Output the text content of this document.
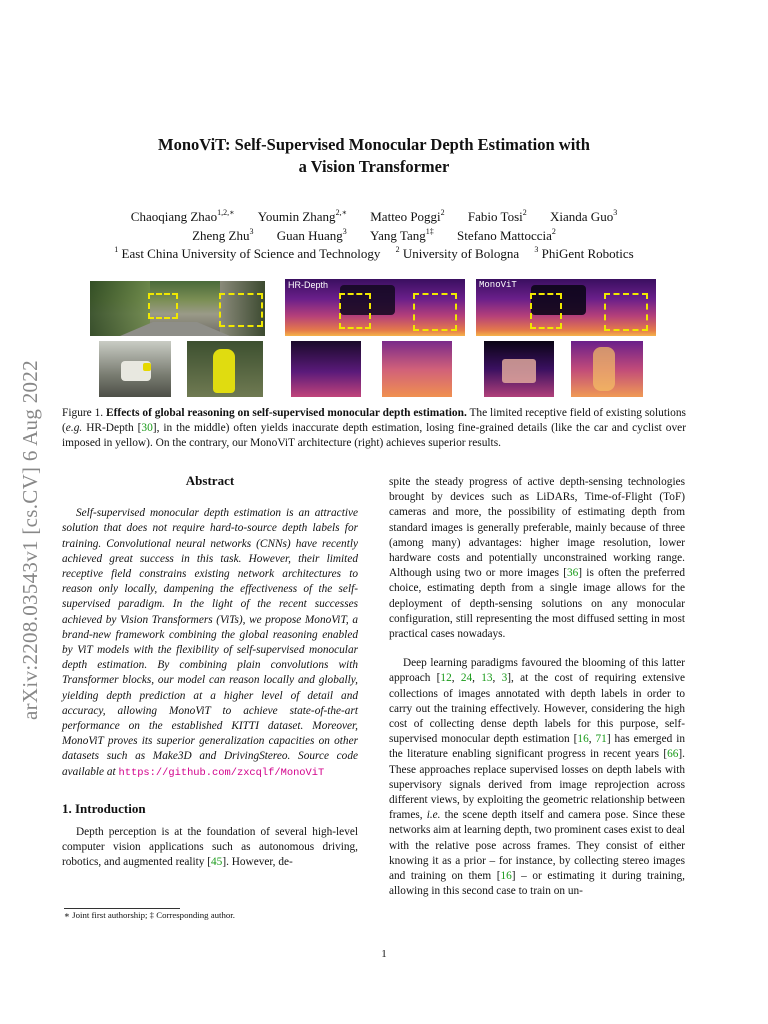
arXiv:2208.03543v1 [cs.CV] 6 Aug 2022
MonoViT: Self-Supervised Monocular Depth Estimation with
a Vision Transformer
Chaoqiang Zhao$^{1,2,∗}$ Youmin Zhang$^{2,∗}$ Matteo Poggi$^2$ Fabio Tosi$^2$ Xianda Guo$^3$
Zheng Zhu$^3$ Guan Huang$^3$ Yang Tang$^{1\ddagger}$ Stefano Mattoccia$^2$
$^1$ East China University of Science and Technology $^2$ University of Bologna $^3$ PhiGent Robotics
HR-Depth	MonoViT
Figure 1. Effects of global reasoning on self-supervised monocular depth estimation. The limited receptive field of existing solutions (e.g. HR-Depth [30], in the middle) often yields inaccurate depth estimation, losing fine-grained details (like the car and cyclist over imposed in yellow). On the contrary, our MonoViT architecture (right) achieves superior results.
Abstract
Self-supervised monocular depth estimation is an attractive solution that does not require hard-to-source depth labels for training. Convolutional neural networks (CNNs) have recently achieved great success in this task. However, their limited receptive field constrains existing network architectures to reason only locally, dampening the effectiveness of the self-supervised paradigm. In the light of the recent successes achieved by Vision Transformers (ViTs), we propose MonoViT, a brand-new framework combining the global reasoning enabled by ViT models with the flexibility of self-supervised monocular depth estimation. By combining plain convolutions with Transformer blocks, our model can reason locally and globally, yielding depth prediction at a higher level of detail and accuracy, allowing MonoViT to achieve state-of-the-art performance on the established KITTI dataset. Moreover, MonoViT proves its superior generalization capacities on other datasets such as Make3D and DrivingStereo. Source code available at https://github.com/zxcqlf/MonoViT
1. Introduction
Depth perception is at the foundation of several high-level computer vision applications such as autonomous driving, robotics, and augmented reality [45]. However, de-
spite the steady progress of active depth-sensing technologies brought by devices such as LiDARs, Time-of-Flight (ToF) cameras and more, the possibility of estimating depth from standard images is generally preferable, mainly because of three (among many) advantages: higher image resolution, lower hardware costs and potentially unconstrained working range. Although using two or more images [36] is often the preferred choice, estimating depth from a single image allows for the deployment of depth-sensing solutions on any monocular configuration, still representing the most diffused setting in most practical cases nowadays.
Deep learning paradigms favoured the blooming of this latter approach [12, 24, 13, 3], at the cost of requiring extensive collections of images annotated with depth labels in order to carry out the training effectively. However, considering the high cost of collecting dense depth labels for this purpose, self-supervised monocular depth estimation [16, 71] has emerged in the literature enabling significant progress in recent years [66]. These approaches replace supervised losses on depth labels with supervisory signals derived from image reprojection across different views, by exploiting the geometric relationship between frames, i.e. the scene depth itself and camera pose. Since these networks aim at learning depth, two prominent cases exist to deal with the relative pose across frames. They consist of either knowing it as a prior – for instance, by collecting stereo images and training on them [16] – or estimating it during training, allowing in this second case to train on un-
∗ Joint first authorship; ‡ Corresponding author.
1
